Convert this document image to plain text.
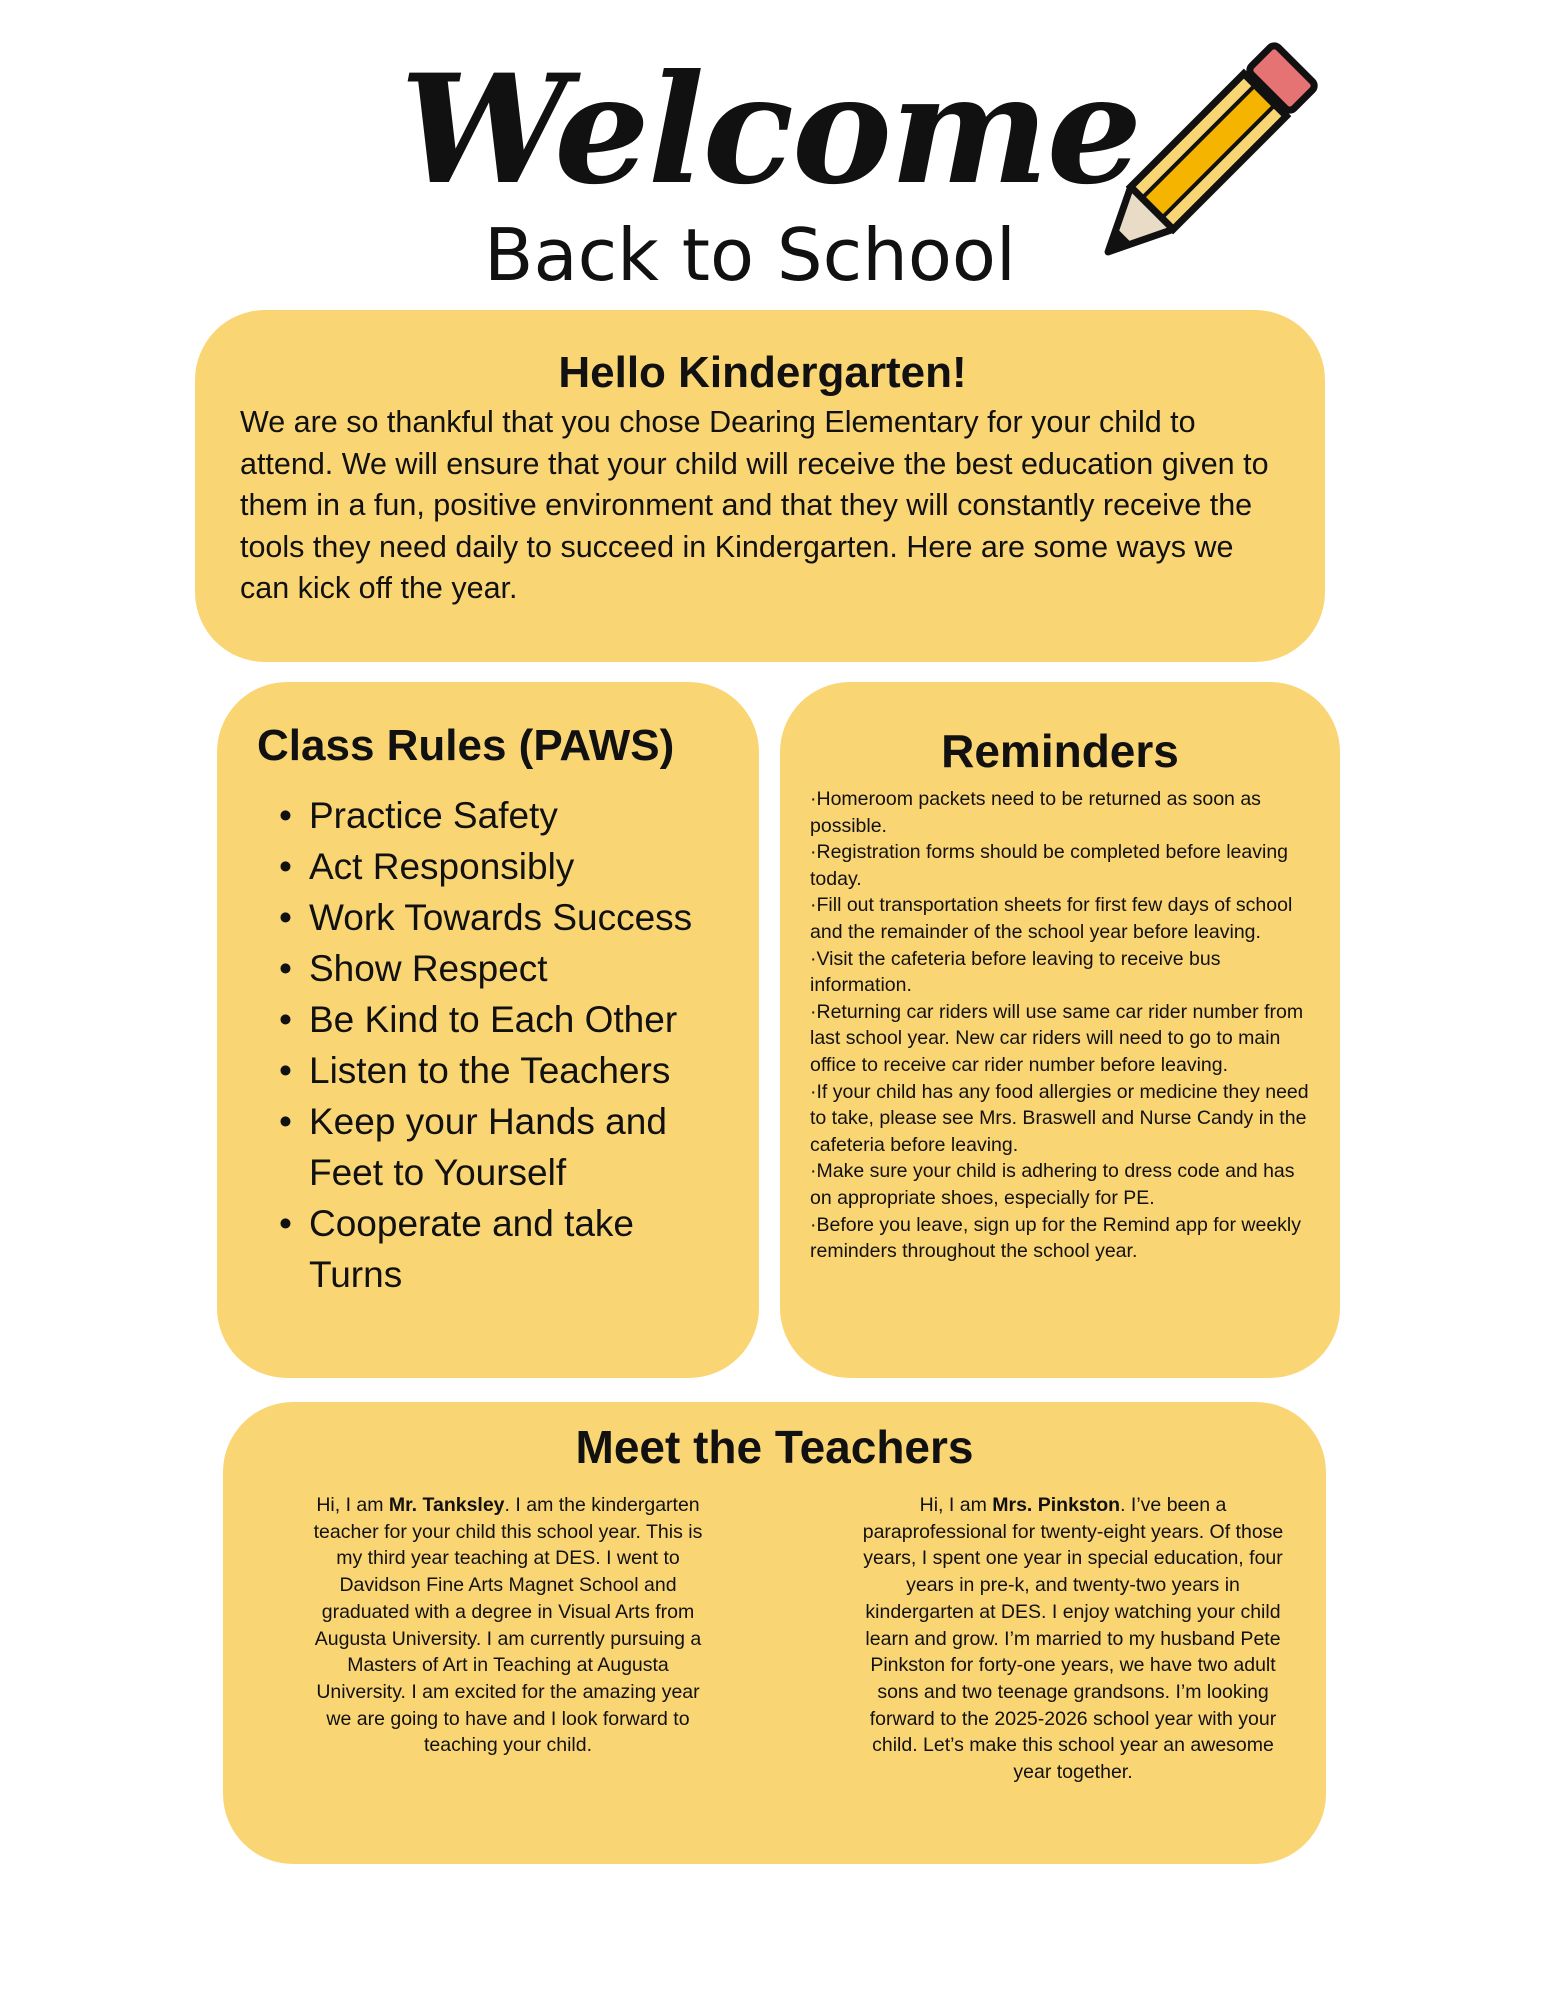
Welcome
Back to School
Hello Kindergarten!

We are so thankful that you chose Dearing Elementary for your child to attend. We will ensure that your child will receive the best education given to them in a fun, positive environment and that they will constantly receive the tools they need daily to succeed in Kindergarten. Here are some ways we can kick off the year.

Class Rules (PAWS)
• Practice Safety
• Act Responsibly
• Work Towards Success
• Show Respect
• Be Kind to Each Other
• Listen to the Teachers
• Keep your Hands and Feet to Yourself
• Cooperate and take Turns
Reminders
·Homeroom packets need to be returned as soon as possible.
·Registration forms should be completed before leaving today.
·Fill out transportation sheets for first few days of school and the remainder of the school year before leaving.
·Visit the cafeteria before leaving to receive bus information.
·Returning car riders will use same car rider number from last school year. New car riders will need to go to main office to receive car rider number before leaving.
·If your child has any food allergies or medicine they need to take, please see Mrs. Braswell and Nurse Candy in the cafeteria before leaving.
·Make sure your child is adhering to dress code and has on appropriate shoes, especially for PE.
·Before you leave, sign up for the Remind app for weekly reminders throughout the school year.
Meet the Teachers
Hi, I am Mr. Tanksley. I am the kindergarten teacher for your child this school year. This is my third year teaching at DES. I went to Davidson Fine Arts Magnet School and graduated with a degree in Visual Arts from Augusta University. I am currently pursuing a Masters of Art in Teaching at Augusta University. I am excited for the amazing year we are going to have and I look forward to teaching your child.
Hi, I am Mrs. Pinkston. I’ve been a paraprofessional for twenty-eight years. Of those years, I spent one year in special education, four years in pre-k, and twenty-two years in kindergarten at DES. I enjoy watching your child learn and grow. I’m married to my husband Pete Pinkston for forty-one years, we have two adult sons and two teenage grandsons. I’m looking forward to the 2025-2026 school year with your child. Let’s make this school year an awesome year together.
